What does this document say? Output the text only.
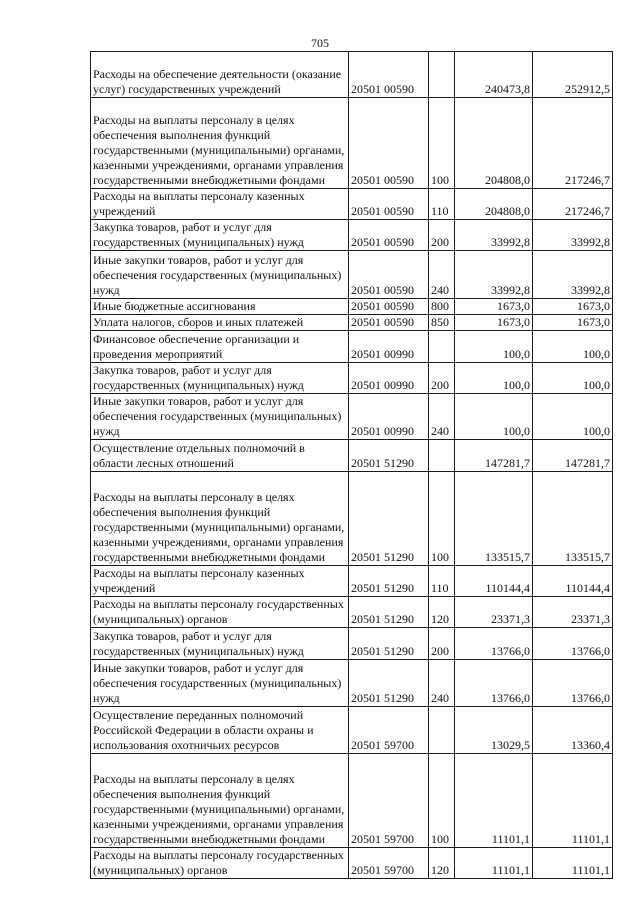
705
Расходы на обеспечение деятельности (оказание услуг) государственных учреждений	20501 00590		240473,8	252912,5
Расходы на выплаты персоналу в целях обеспечения выполнения функций государственными (муниципальными) органами, казенными учреждениями, органами управления государственными внебюджетными фондами	20501 00590	100	204808,0	217246,7
Расходы на выплаты персоналу казенных учреждений	20501 00590	110	204808,0	217246,7
Закупка товаров, работ и услуг для государственных (муниципальных) нужд	20501 00590	200	33992,8	33992,8
Иные закупки товаров, работ и услуг для обеспечения государственных (муниципальных) нужд	20501 00590	240	33992,8	33992,8
Иные бюджетные ассигнования	20501 00590	800	1673,0	1673,0
Уплата налогов, сборов и иных платежей	20501 00590	850	1673,0	1673,0
Финансовое обеспечение организации и проведения мероприятий	20501 00990		100,0	100,0
Закупка товаров, работ и услуг для государственных (муниципальных) нужд	20501 00990	200	100,0	100,0
Иные закупки товаров, работ и услуг для обеспечения государственных (муниципальных) нужд	20501 00990	240	100,0	100,0
Осуществление отдельных полномочий в области лесных отношений	20501 51290		147281,7	147281,7
Расходы на выплаты персоналу в целях обеспечения выполнения функций государственными (муниципальными) органами, казенными учреждениями, органами управления государственными внебюджетными фондами	20501 51290	100	133515,7	133515,7
Расходы на выплаты персоналу казенных учреждений	20501 51290	110	110144,4	110144,4
Расходы на выплаты персоналу государственных (муниципальных) органов	20501 51290	120	23371,3	23371,3
Закупка товаров, работ и услуг для государственных (муниципальных) нужд	20501 51290	200	13766,0	13766,0
Иные закупки товаров, работ и услуг для обеспечения государственных (муниципальных) нужд	20501 51290	240	13766,0	13766,0
Осуществление переданных полномочий Российской Федерации в области охраны и использования охотничьих ресурсов	20501 59700		13029,5	13360,4
Расходы на выплаты персоналу в целях обеспечения выполнения функций государственными (муниципальными) органами, казенными учреждениями, органами управления государственными внебюджетными фондами	20501 59700	100	11101,1	11101,1
Расходы на выплаты персоналу государственных (муниципальных) органов	20501 59700	120	11101,1	11101,1
